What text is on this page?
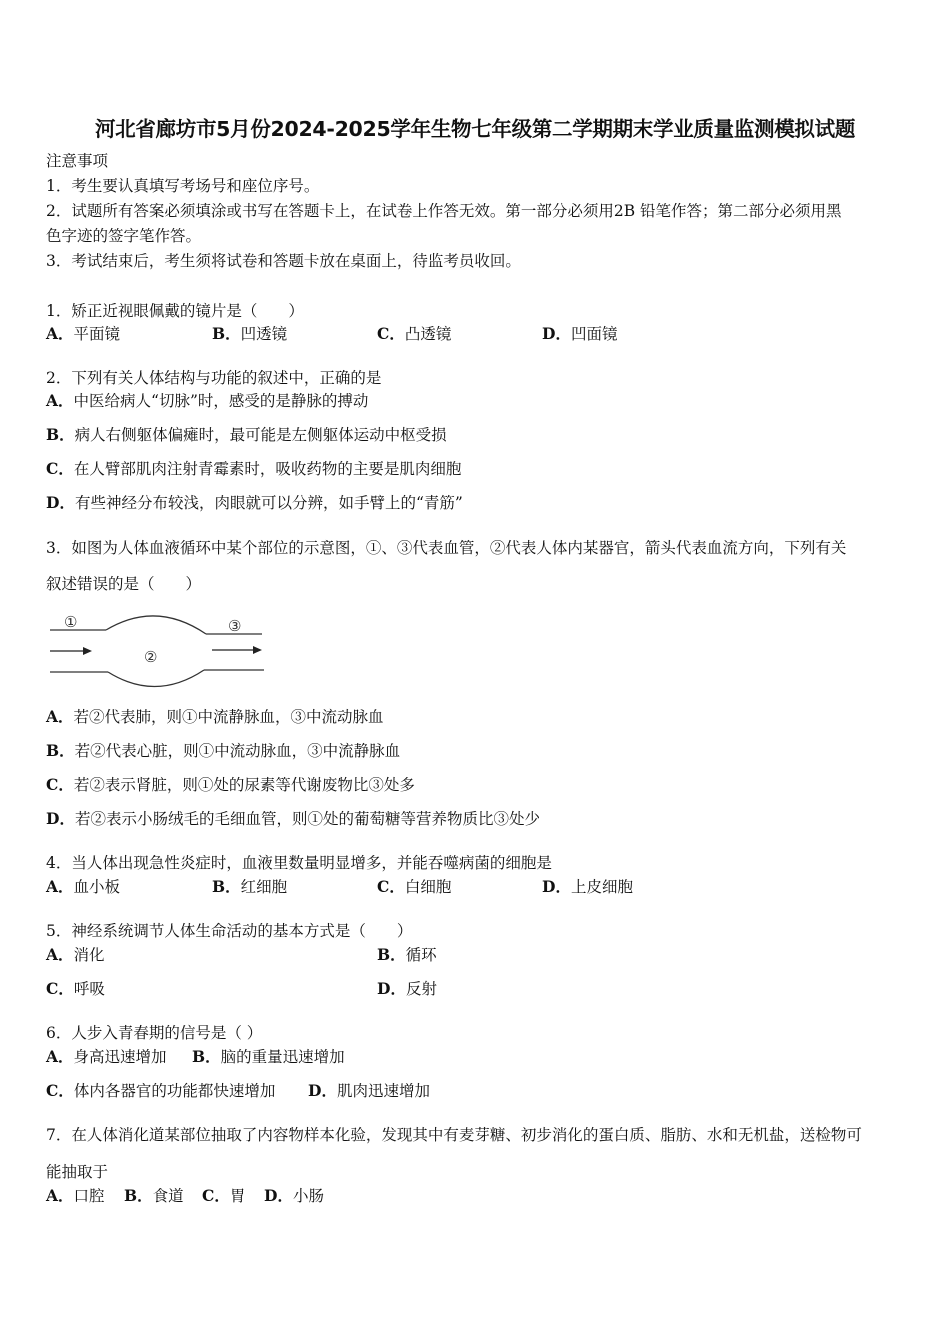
河北省廊坊市5月份2024-2025学年生物七年级第二学期期末学业质量监测模拟试题
注意事项
1．考生要认真填写考场号和座位序号。
2．试题所有答案必须填涂或书写在答题卡上，在试卷上作答无效。第一部分必须用2B 铅笔作答；第二部分必须用黑
色字迹的签字笔作答。
3．考试结束后，考生须将试卷和答题卡放在桌面上，待监考员收回。
1．矫正近视眼佩戴的镜片是（　　）
2．下列有关人体结构与功能的叙述中，正确的是
3．如图为人体血液循环中某个部位的示意图，①、③代表血管，②代表人体内某器官，箭头代表血流方向，下列有关
叙述错误的是（　　）
①
②
③
4．当人体出现急性炎症时，血液里数量明显增多，并能吞噬病菌的细胞是
5．神经系统调节人体生命活动的基本方式是（　　）
6．人步入青春期的信号是（ ）
7．在人体消化道某部位抽取了内容物样本化验，发现其中有麦芽糖、初步消化的蛋白质、脂肪、水和无机盐，送检物可
能抽取于
A．平面镜	B．凹透镜	C．凸透镜	D．凹面镜
A．中医给病人“切脉”时，感受的是静脉的搏动
B．病人右侧躯体偏瘫时，最可能是左侧躯体运动中枢受损
C．在人臂部肌肉注射青霉素时，吸收药物的主要是肌肉细胞
D．有些神经分布较浅，肉眼就可以分辨，如手臂上的“青筋”
A．若②代表肺，则①中流静脉血，③中流动脉血
B．若②代表心脏，则①中流动脉血，③中流静脉血
C．若②表示肾脏，则①处的尿素等代谢废物比③处多
D．若②表示小肠绒毛的毛细血管，则①处的葡萄糖等营养物质比③处少
A．血小板	B．红细胞	C．白细胞	D．上皮细胞
A．消化	B．循环
C．呼吸	D．反射
A．身高迅速增加 B．脑的重量迅速增加
C．体内各器官的功能都快速增加 D．肌肉迅速增加
A．口腔 B．食道 C．胃 D．小肠
